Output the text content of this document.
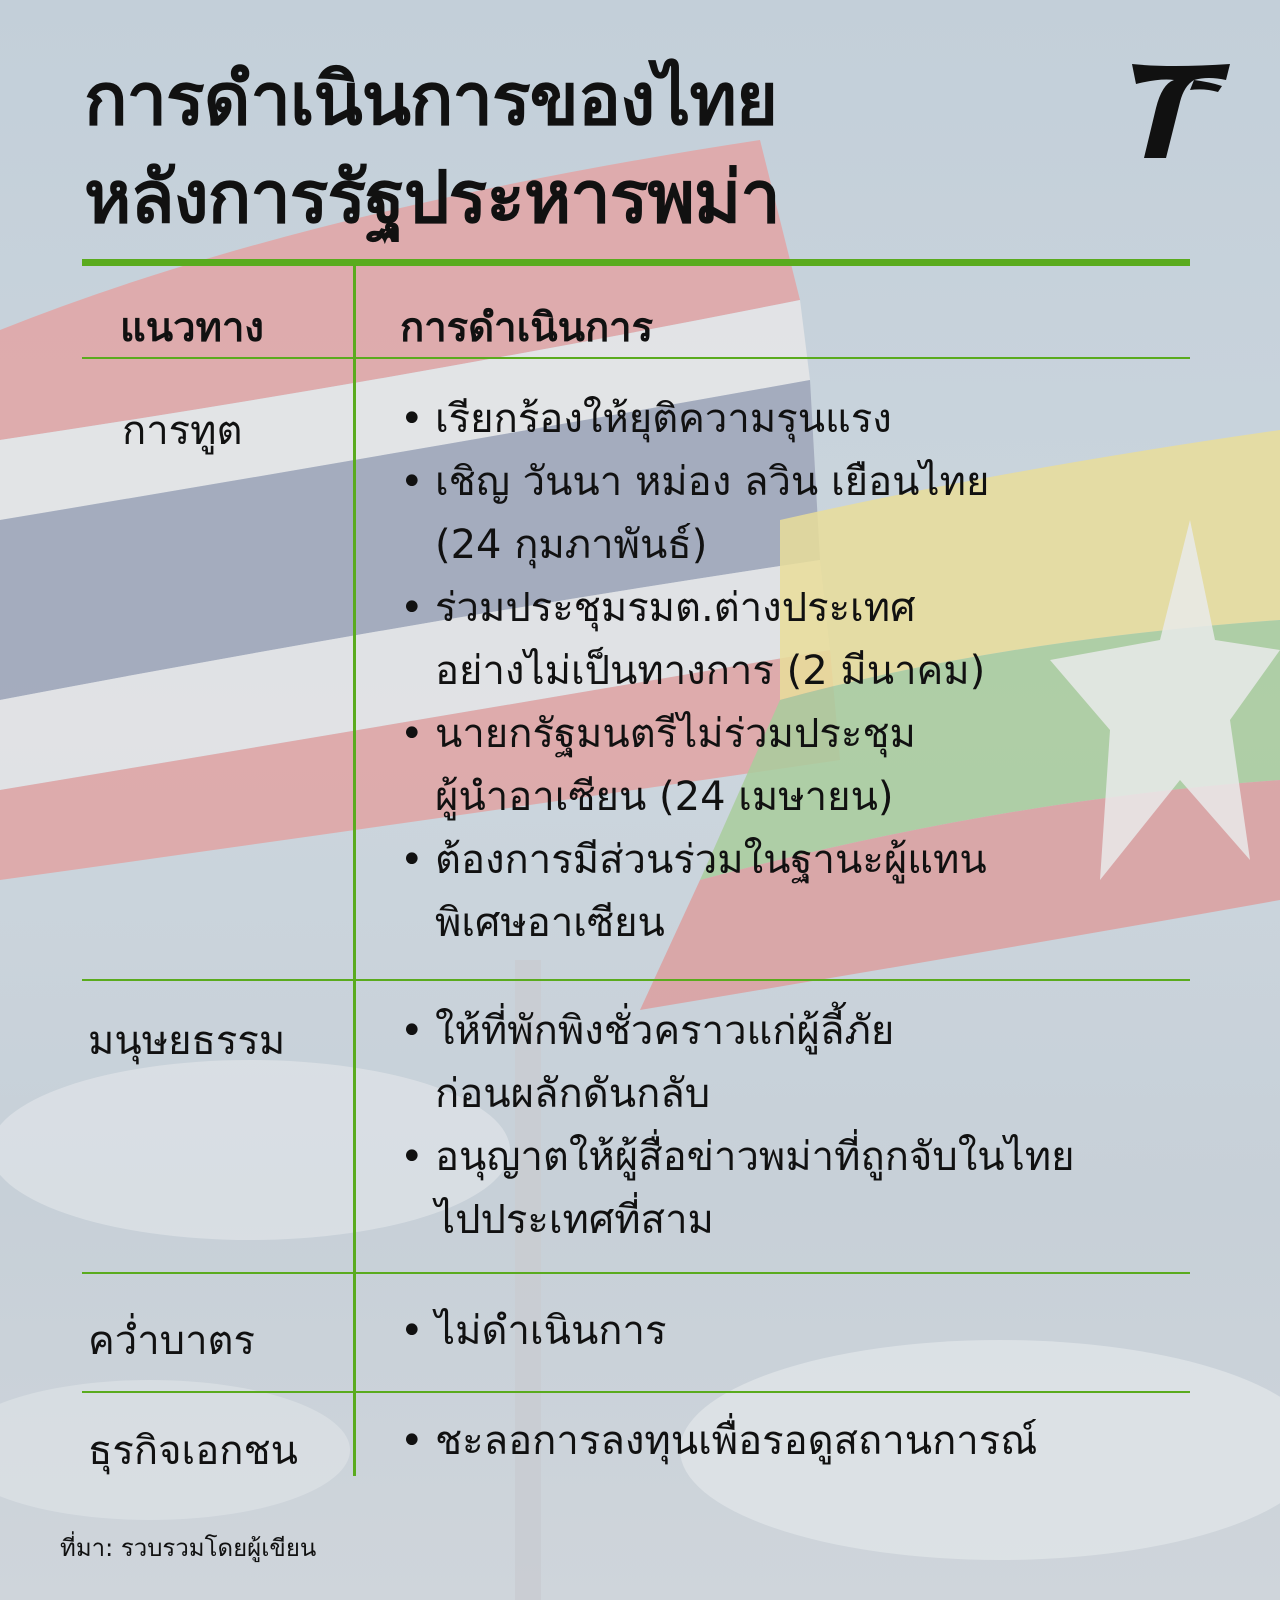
การดำเนินการของไทย
หลังการรัฐประหารพม่า
แนวทาง	การดำเนินการ
การทูต	• เรียกร้องให้ยุติความรุนแรง
• เชิญ วันนา หม่อง ลวิน เยือนไทย
(24 กุมภาพันธ์)
• ร่วมประชุมรมต.ต่างประเทศ
อย่างไม่เป็นทางการ (2 มีนาคม)
• นายกรัฐมนตรีไม่ร่วมประชุม
ผู้นำอาเซียน (24 เมษายน)
• ต้องการมีส่วนร่วมในฐานะผู้แทน
พิเศษอาเซียน
มนุษยธรรม	• ให้ที่พักพิงชั่วคราวแก่ผู้ลี้ภัย
ก่อนผลักดันกลับ
• อนุญาตให้ผู้สื่อข่าวพม่าที่ถูกจับในไทย
ไปประเทศที่สาม
คว่ำบาตร	• ไม่ดำเนินการ
ธุรกิจเอกชน	• ชะลอการลงทุนเพื่อรอดูสถานการณ์
ที่มา: รวบรวมโดยผู้เขียน
